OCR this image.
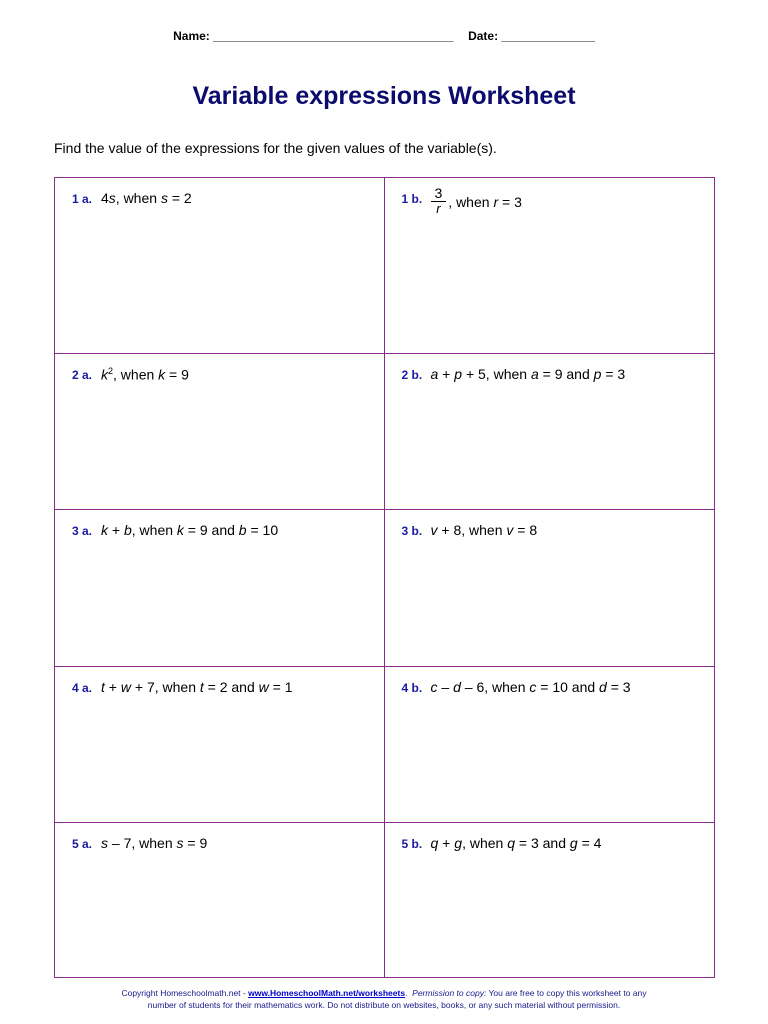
Name: ____________________________________ Date: ______________
Variable expressions Worksheet
Find the value of the expressions for the given values of the variable(s).
1 a. 4s, when s = 2	1 b. $\frac{3}{r}$ , when r = 3
2 a. $k^2$, when k = 9	2 b. a + p + 5, when a = 9 and p = 3
3 a. k + b, when k = 9 and b = 10	3 b. v + 8, when v = 8
4 a. t + w + 7, when t = 2 and w = 1	4 b. c – d – 6, when c = 10 and d = 3
5 a. s – 7, when s = 9	5 b. q + g, when q = 3 and g = 4
Copyright Homeschoolmath.net - www.HomeschoolMath.net/worksheets.  Permission to copy: You are free to copy this worksheet to any
number of students for their mathematics work. Do not distribute on websites, books, or any such material without permission.
